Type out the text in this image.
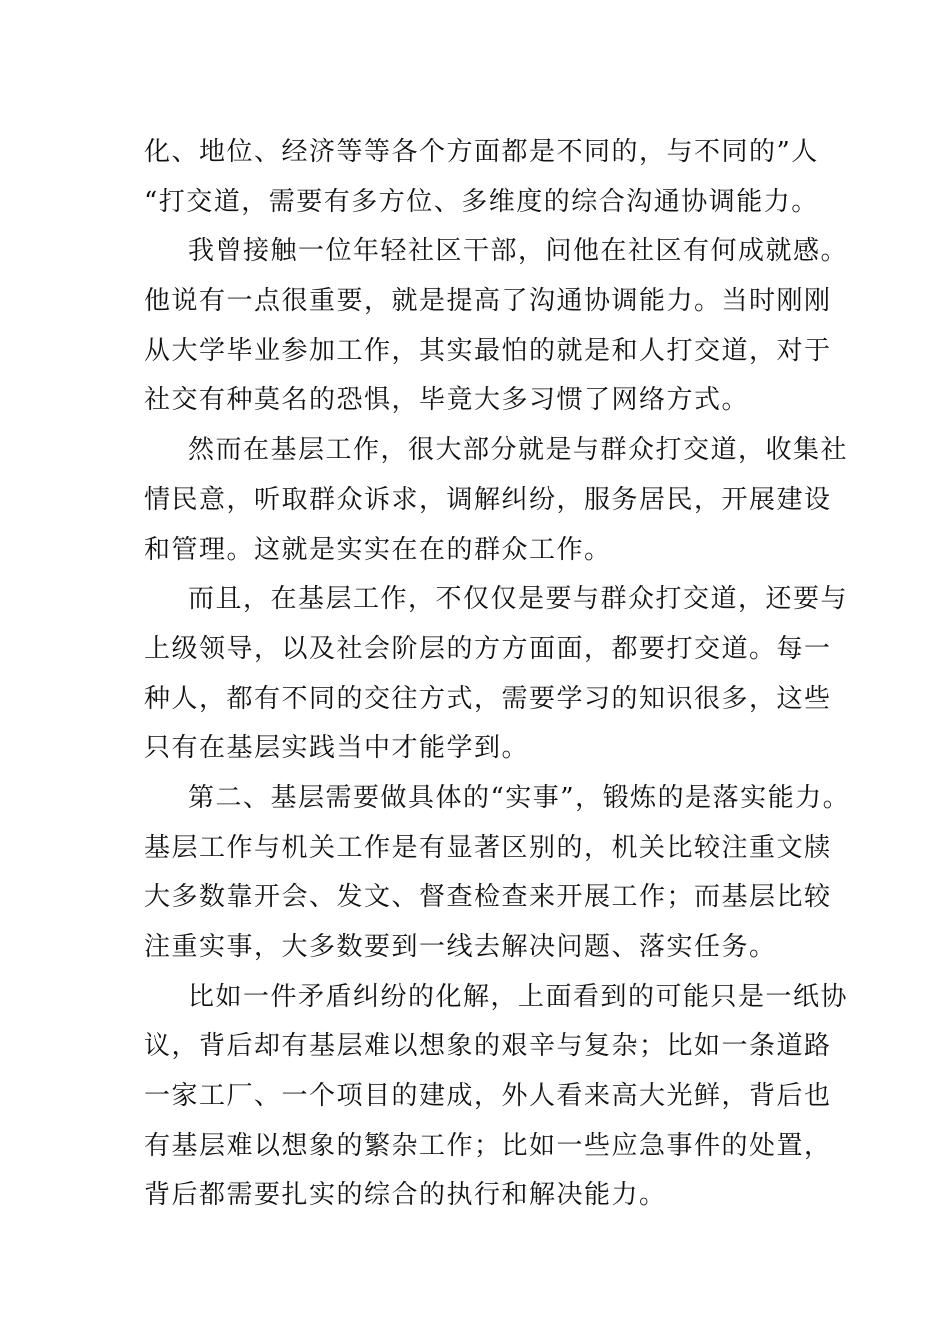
化、地位、经济等等各个方面都是不同的，与不同的”人
“打交道，需要有多方位、多维度的综合沟通协调能力。
我曾接触一位年轻社区干部，问他在社区有何成就感。
他说有一点很重要，就是提高了沟通协调能力。当时刚刚
从大学毕业参加工作，其实最怕的就是和人打交道，对于
社交有种莫名的恐惧，毕竟大多习惯了网络方式。
然而在基层工作，很大部分就是与群众打交道，收集社
情民意，听取群众诉求，调解纠纷，服务居民，开展建设
和管理。这就是实实在在的群众工作。
而且，在基层工作，不仅仅是要与群众打交道，还要与
上级领导，以及社会阶层的方方面面，都要打交道。每一
种人，都有不同的交往方式，需要学习的知识很多，这些
只有在基层实践当中才能学到。
第二、基层需要做具体的“实事”，锻炼的是落实能力。
基层工作与机关工作是有显著区别的，机关比较注重文牍
大多数靠开会、发文、督查检查来开展工作；而基层比较
注重实事，大多数要到一线去解决问题、落实任务。
比如一件矛盾纠纷的化解，上面看到的可能只是一纸协
议，背后却有基层难以想象的艰辛与复杂；比如一条道路
一家工厂、一个项目的建成，外人看来高大光鲜，背后也
有基层难以想象的繁杂工作；比如一些应急事件的处置，
背后都需要扎实的综合的执行和解决能力。
